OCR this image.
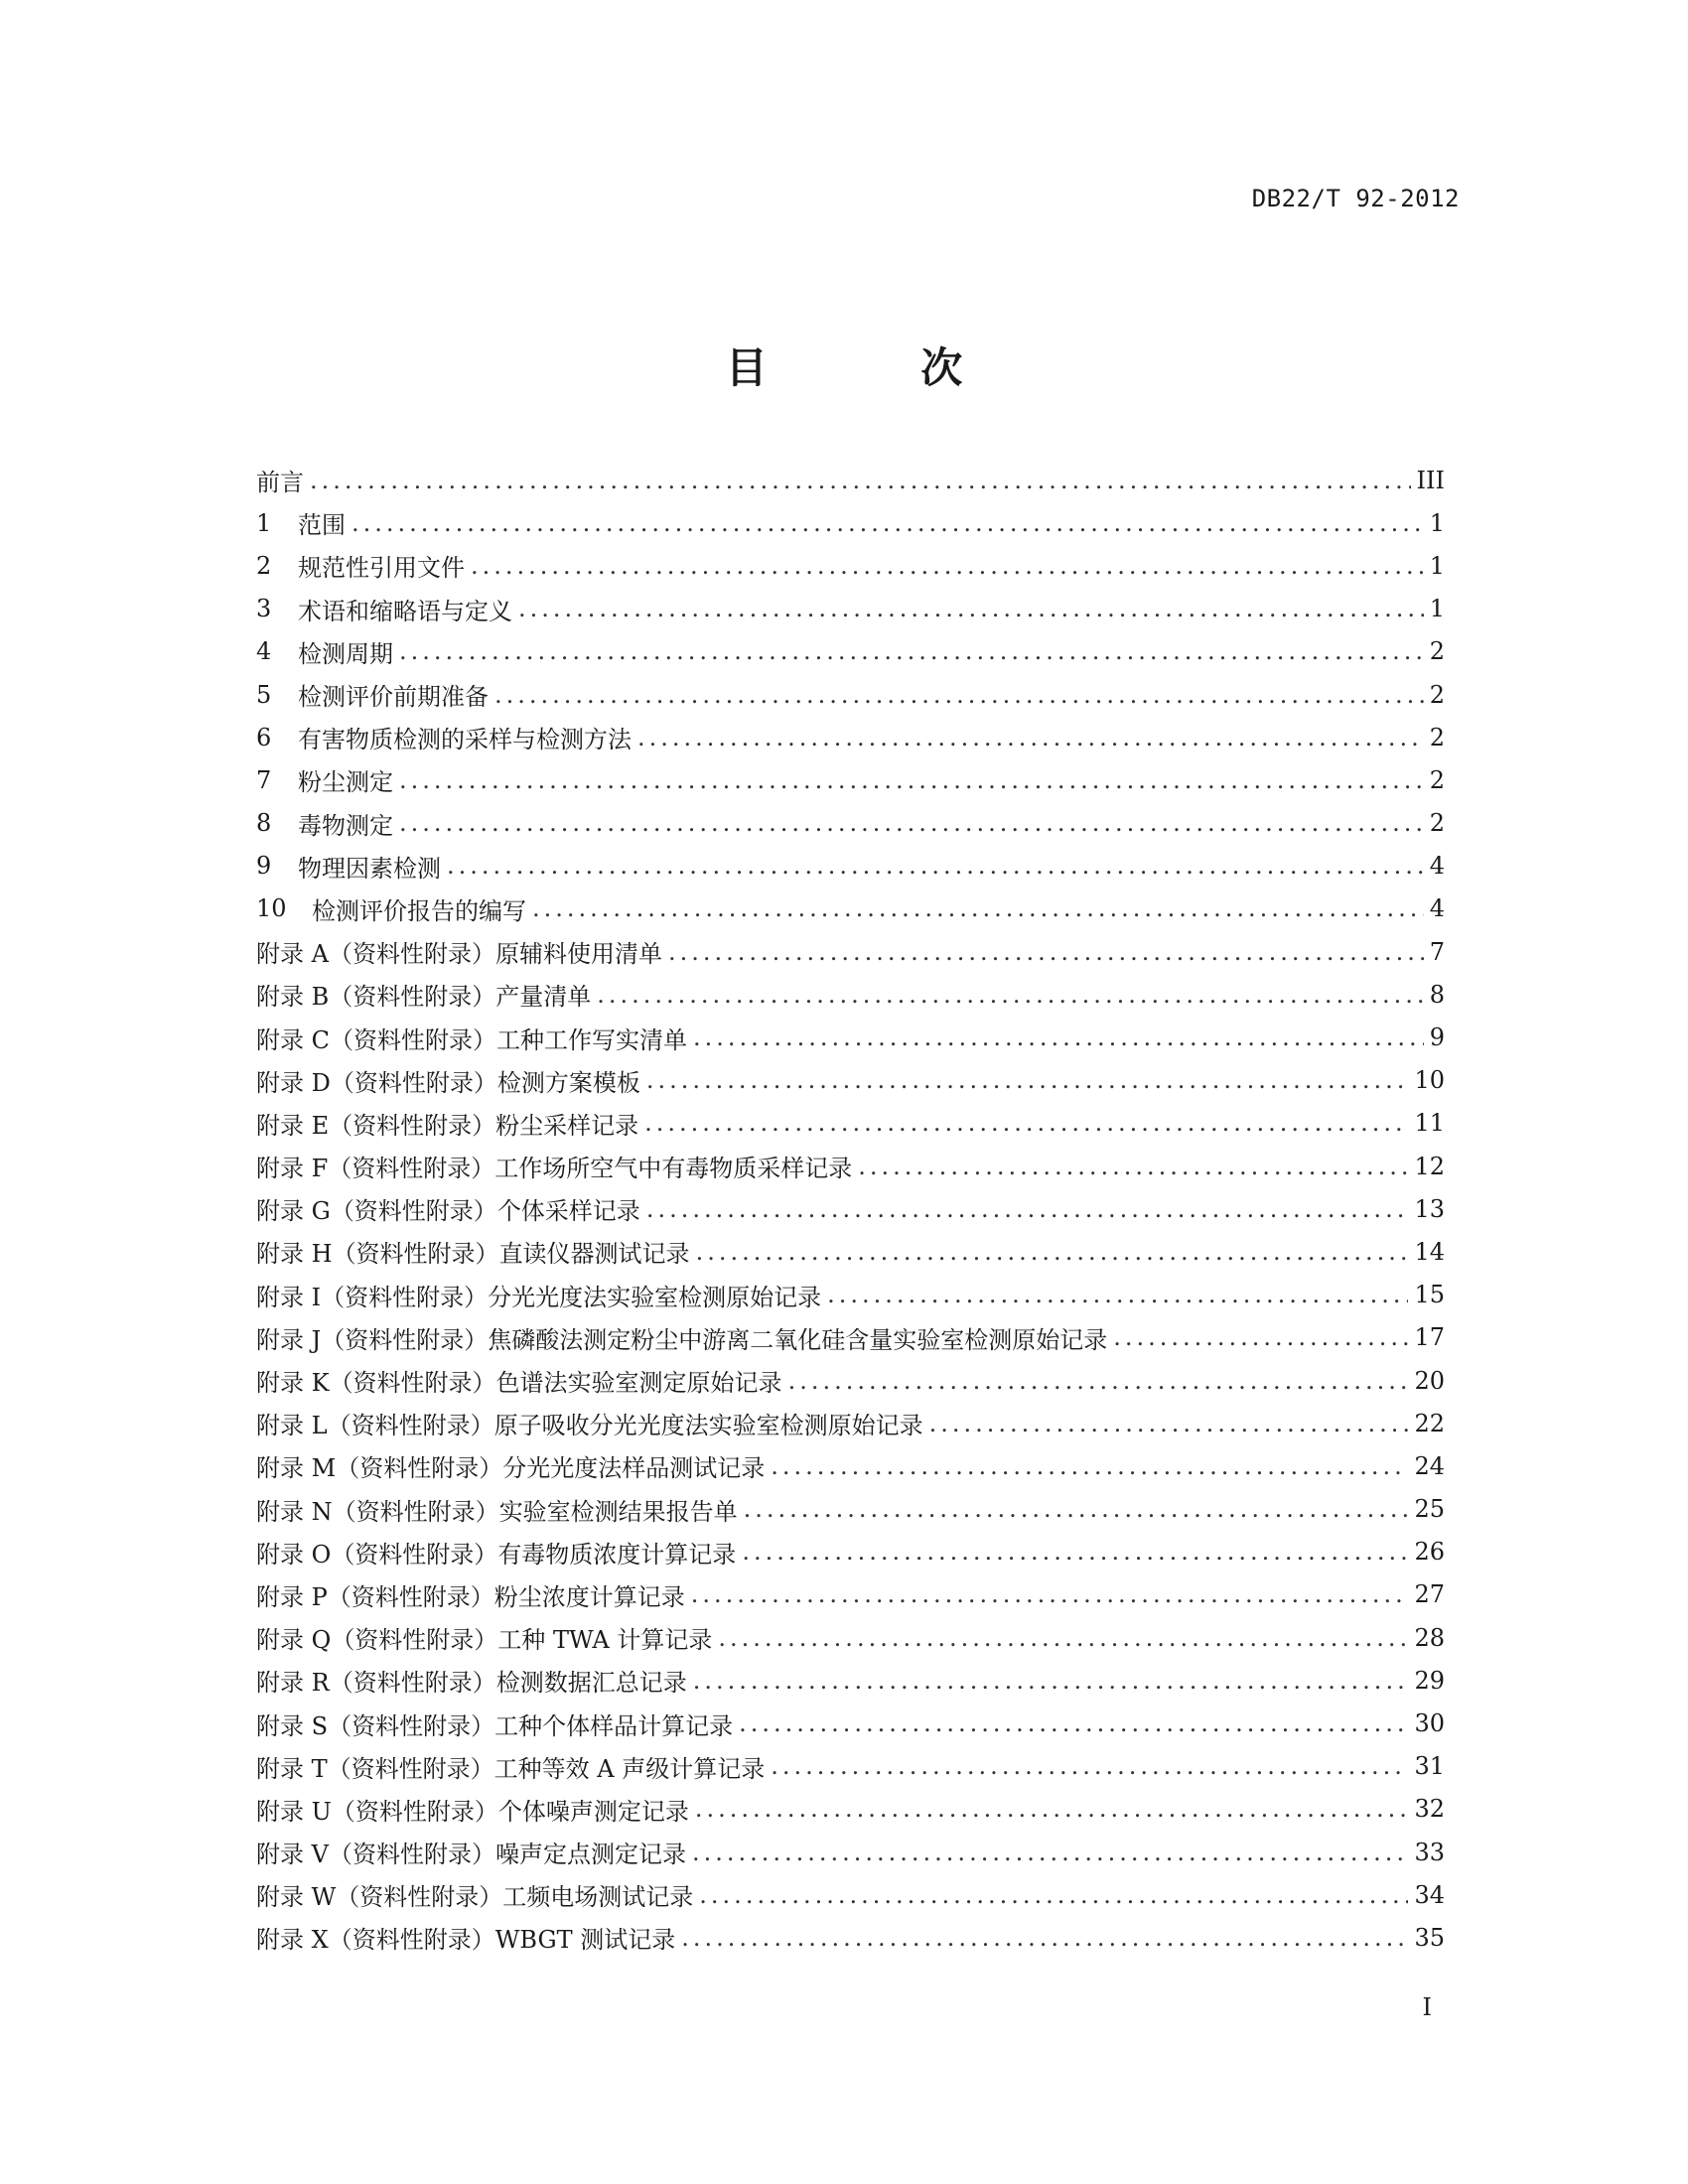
DB22/T 92-2012
目 次
前言 .....	III
1	范围 .....	1
2	规范性引用文件 .....	1
3	术语和缩略语与定义 .....	1
4	检测周期 .....	2
5	检测评价前期准备 .....	2
6	有害物质检测的采样与检测方法 .....	2
7	粉尘测定 .....	2
8	毒物测定 .....	2
9	物理因素检测 .....	4
10	检测评价报告的编写 .....	4
附录 A （资料性附录） 原辅料使用清单 .....	7
附录 B （资料性附录） 产量清单 .....	8
附录 C （资料性附录） 工种工作写实清单 .....	9
附录 D （资料性附录） 检测方案模板 .....	10
附录 E （资料性附录） 粉尘采样记录 .....	11
附录 F （资料性附录） 工作场所空气中有毒物质采样记录 .....	12
附录 G （资料性附录） 个体采样记录 .....	13
附录 H （资料性附录） 直读仪器测试记录 .....	14
附录 I （资料性附录） 分光光度法实验室检测原始记录 .....	15
附录 J （资料性附录） 焦磷酸法测定粉尘中游离二氧化硅含量实验室检测原始记录 .....	17
附录 K （资料性附录） 色谱法实验室测定原始记录 .....	20
附录 L （资料性附录） 原子吸收分光光度法实验室检测原始记录 .....	22
附录 M （资料性附录） 分光光度法样品测试记录 .....	24
附录 N （资料性附录） 实验室检测结果报告单 .....	25
附录 O （资料性附录） 有毒物质浓度计算记录 .....	26
附录 P （资料性附录） 粉尘浓度计算记录 .....	27
附录 Q （资料性附录） 工种 TWA 计算记录 .....	28
附录 R （资料性附录） 检测数据汇总记录 .....	29
附录 S （资料性附录） 工种个体样品计算记录 .....	30
附录 T （资料性附录） 工种等效 A 声级计算记录 .....	31
附录 U （资料性附录） 个体噪声测定记录 .....	32
附录 V （资料性附录） 噪声定点测定记录 .....	33
附录 W （资料性附录） 工频电场测试记录 .....	34
附录 X （资料性附录） WBGT 测试记录 .....	35
I
